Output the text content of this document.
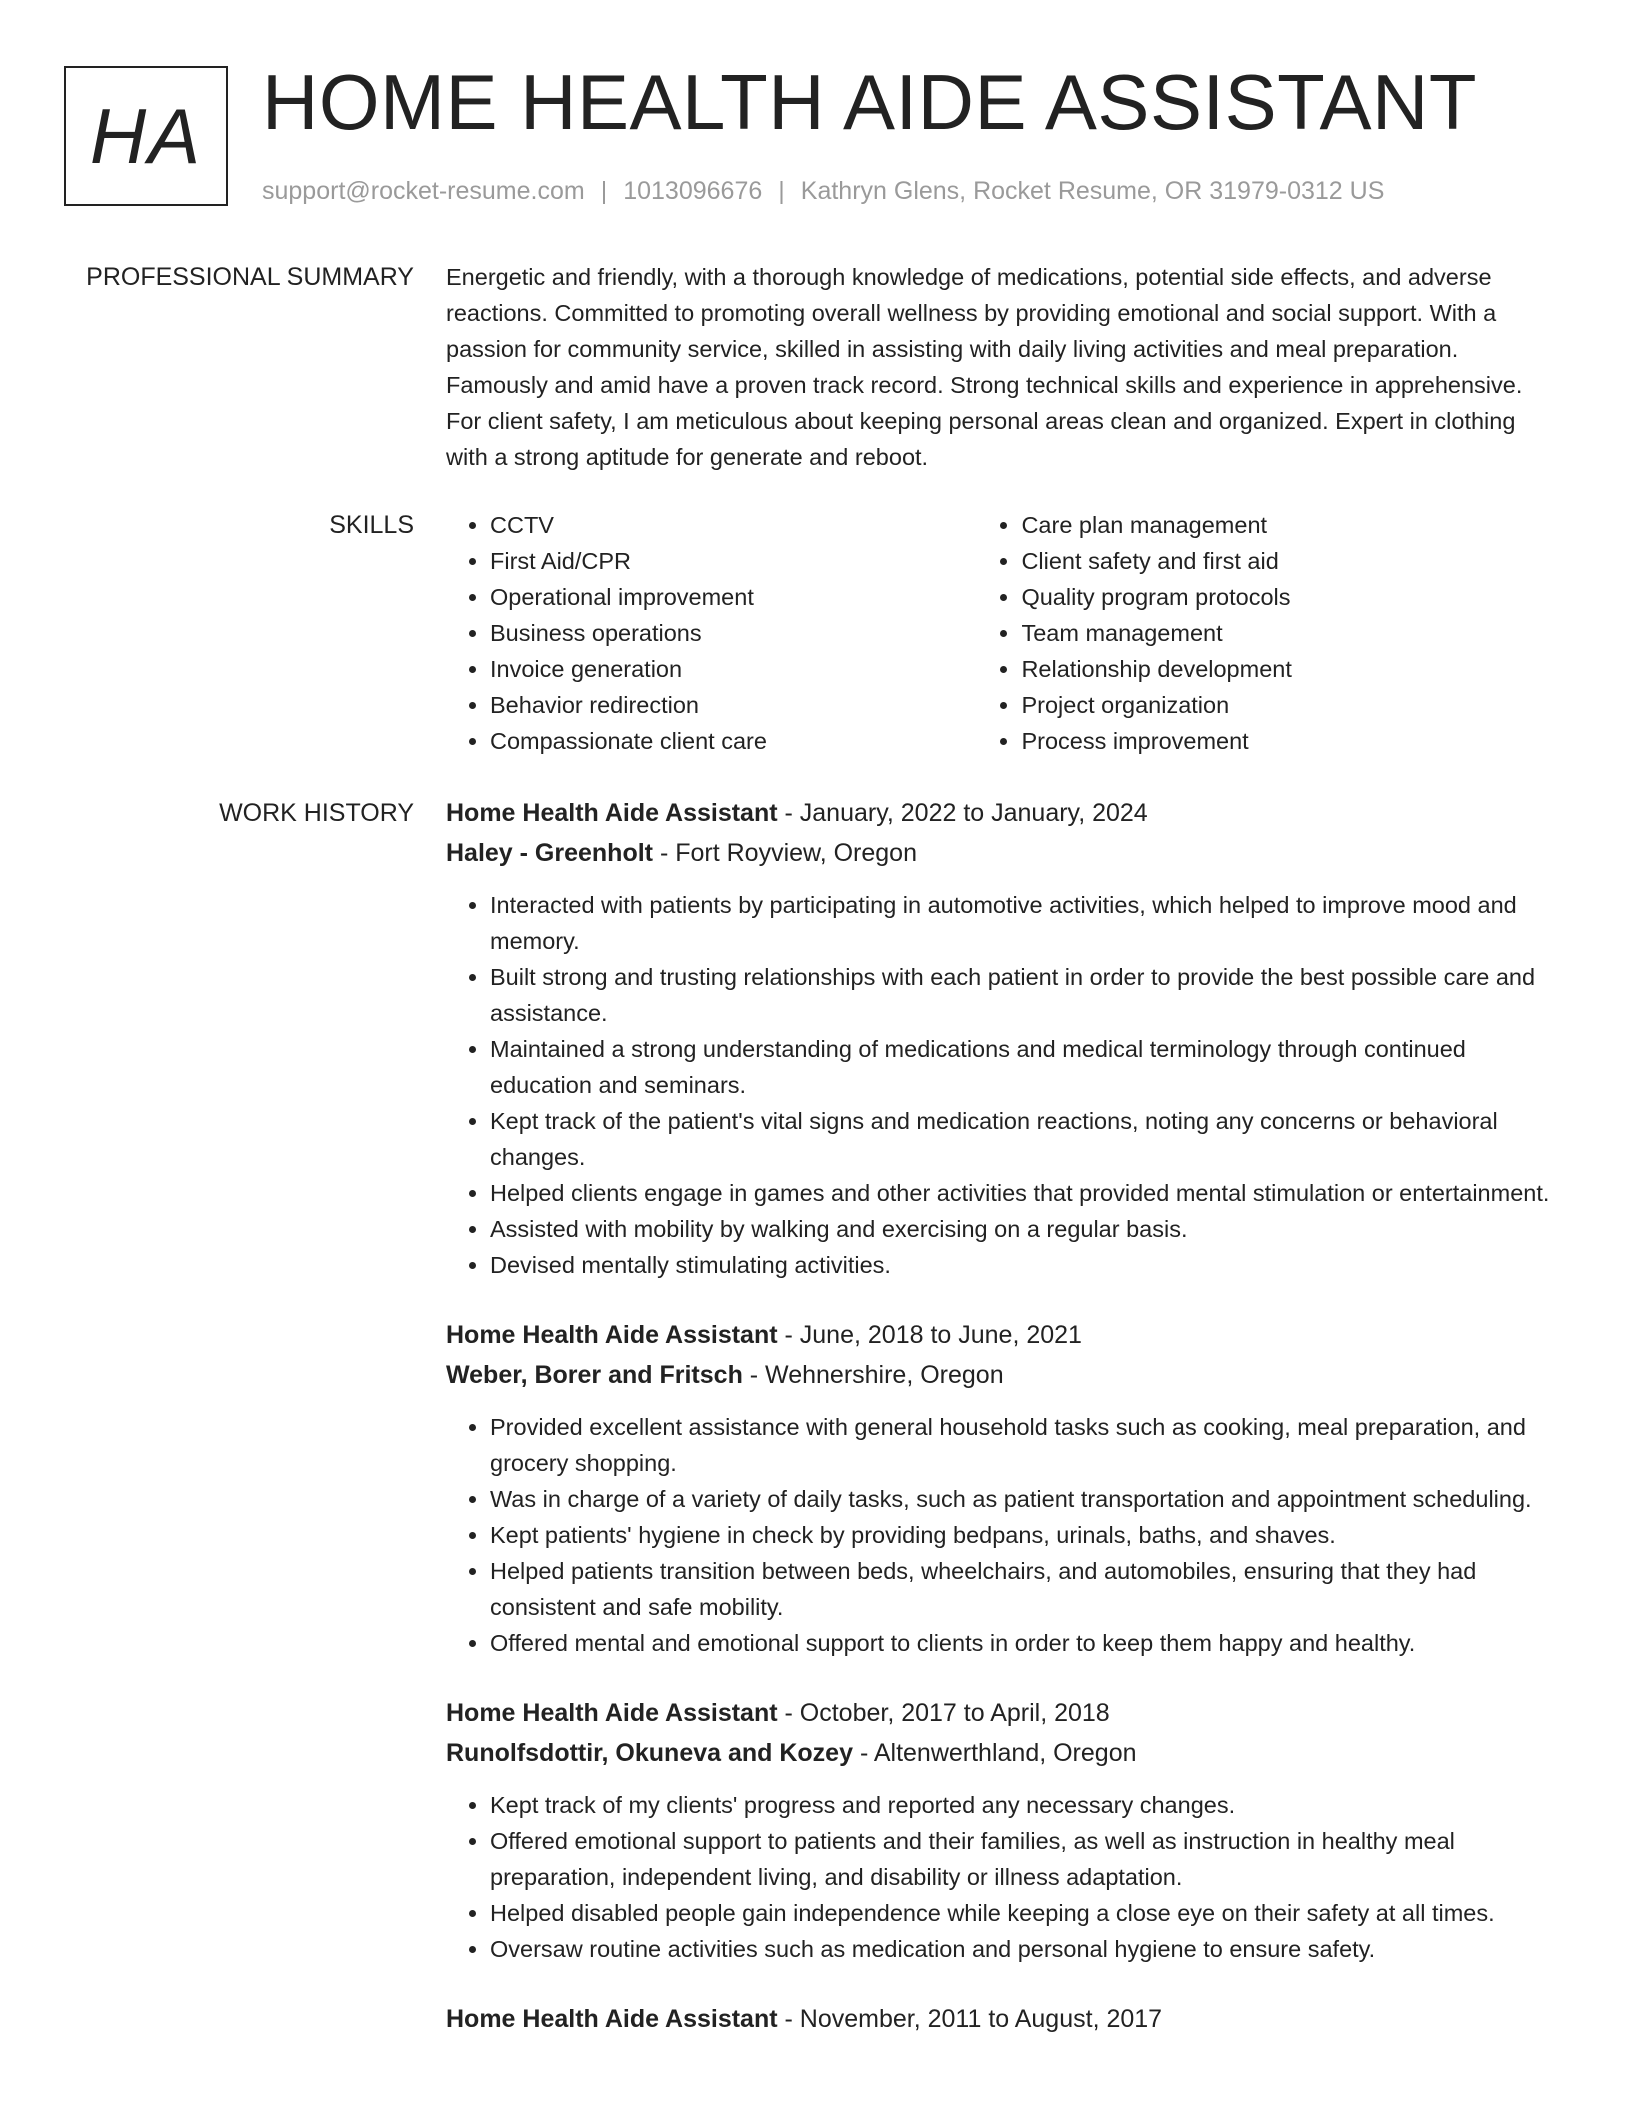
HA HOME HEALTH AIDE ASSISTANT
support@rocket-resume.com | 1013096676 | Kathryn Glens, Rocket Resume, OR 31979-0312 US
PROFESSIONAL SUMMARY Energetic and friendly, with a thorough knowledge of medications, potential side effects, and adverse reactions. Committed to promoting overall wellness by providing emotional and social support. With a passion for community service, skilled in assisting with daily living activities and meal preparation. Famously and amid have a proven track record. Strong technical skills and experience in apprehensive. For client safety, I am meticulous about keeping personal areas clean and organized. Expert in clothing with a strong aptitude for generate and reboot.

SKILLS
•	CCTV
• First Aid/CPR
• Operational improvement
• Business operations
• Invoice generation
• Behavior redirection
• Compassionate client care
• Care plan management
• Client safety and first aid
• Quality program protocols
• Team management
• Relationship development
• Project organization
• Process improvement
WORK HISTORY Home Health Aide Assistant - January, 2022 to January, 2024
Haley - Greenholt - Fort Royview, Oregon
• Interacted with patients by participating in automotive activities, which helped to improve mood and memory.
• Built strong and trusting relationships with each patient in order to provide the best possible care and assistance.
• Maintained a strong understanding of medications and medical terminology through continued education and seminars.
• Kept track of the patient's vital signs and medication reactions, noting any concerns or behavioral changes.
• Helped clients engage in games and other activities that provided mental stimulation or entertainment.
• Assisted with mobility by walking and exercising on a regular basis.
• Devised mentally stimulating activities.
Home Health Aide Assistant - June, 2018 to June, 2021
Weber, Borer and Fritsch - Wehnershire, Oregon
• Provided excellent assistance with general household tasks such as cooking, meal preparation, and grocery shopping.
• Was in charge of a variety of daily tasks, such as patient transportation and appointment scheduling.
• Kept patients' hygiene in check by providing bedpans, urinals, baths, and shaves.
• Helped patients transition between beds, wheelchairs, and automobiles, ensuring that they had consistent and safe mobility.
• Offered mental and emotional support to clients in order to keep them happy and healthy.
Home Health Aide Assistant - October, 2017 to April, 2018
Runolfsdottir, Okuneva and Kozey - Altenwerthland, Oregon
• Kept track of my clients' progress and reported any necessary changes.
• Offered emotional support to patients and their families, as well as instruction in healthy meal preparation, independent living, and disability or illness adaptation.
• Helped disabled people gain independence while keeping a close eye on their safety at all times.
• Oversaw routine activities such as medication and personal hygiene to ensure safety.
Home Health Aide Assistant - November, 2011 to August, 2017
